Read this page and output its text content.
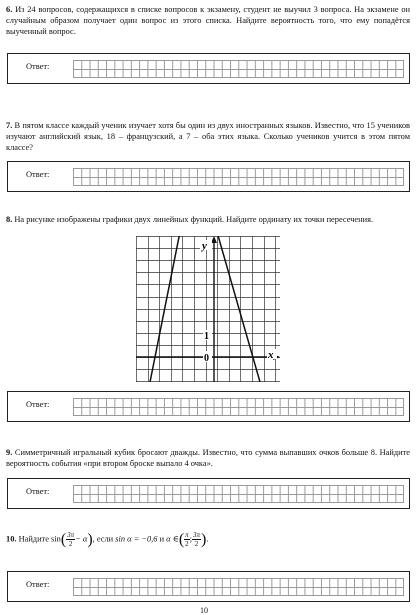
6. Из 24 вопросов, содержащихся в списке вопросов к экзамену, студент не выучил 3 вопроса. На экзамене он случайным образом получает один вопрос из этого списка. Найдите вероятность того, что ему попадётся выученный вопрос.
Ответ:
7. В пятом классе каждый ученик изучает хотя бы один из двух иностранных языков. Известно, что 15 учеников изучают английский язык, 18 – французский, а 7 – оба этих языка. Сколько учеников учится в этом пятом классе?
Ответ:
8. На рисунке изображены графики двух линейных функций. Найдите ординату их точки пересечения.
y
x
1
0
Ответ:
9. Симметричный игральный кубик бросают дважды. Известно, что сумма выпавших очков больше 8. Найдите вероятность события «при втором броске выпало 4 очка».
Ответ:
10. Найдите $\sin( \frac{3\pi}{2} - \alpha)$, если sin α = −0,6 и α ∈( $\frac{\pi}{2}$ ; $\frac{3\pi}{2}$ ).
Ответ:
10
